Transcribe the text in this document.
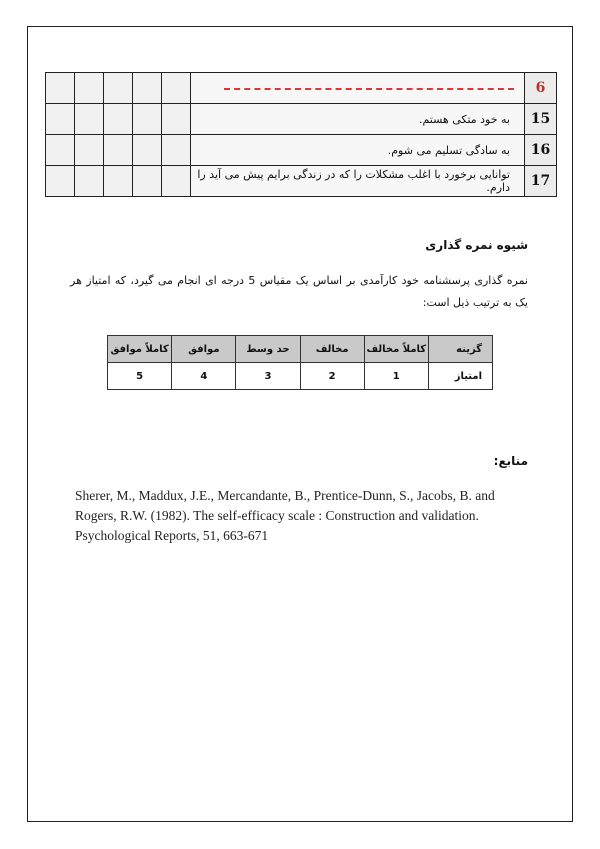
						6
					به خود متکی هستم.	15
					به سادگی تسلیم می شوم.	16
					توانایی برخورد با اغلب مشکلات را که در زندگی برایم پیش می آید را دارم.	17
شیوه نمره گذاری
نمره گذاری پرسشنامه خود کارآمدی بر اساس یک مقیاس 5 درجه ای انجام می گیرد، که امتیاز هر یک به ترتیب ذیل است:
گزینه	کاملاً مخالف	مخالف	حد وسط	موافق	کاملاً موافق
امتیاز	1	2	3	4	5
منابع:
Sherer, M., Maddux, J.E., Mercandante, B., Prentice-Dunn, S., Jacobs, B. and Rogers, R.W. (1982). The self-efficacy scale : Construction and validation. Psychological Reports, 51, 663-671
